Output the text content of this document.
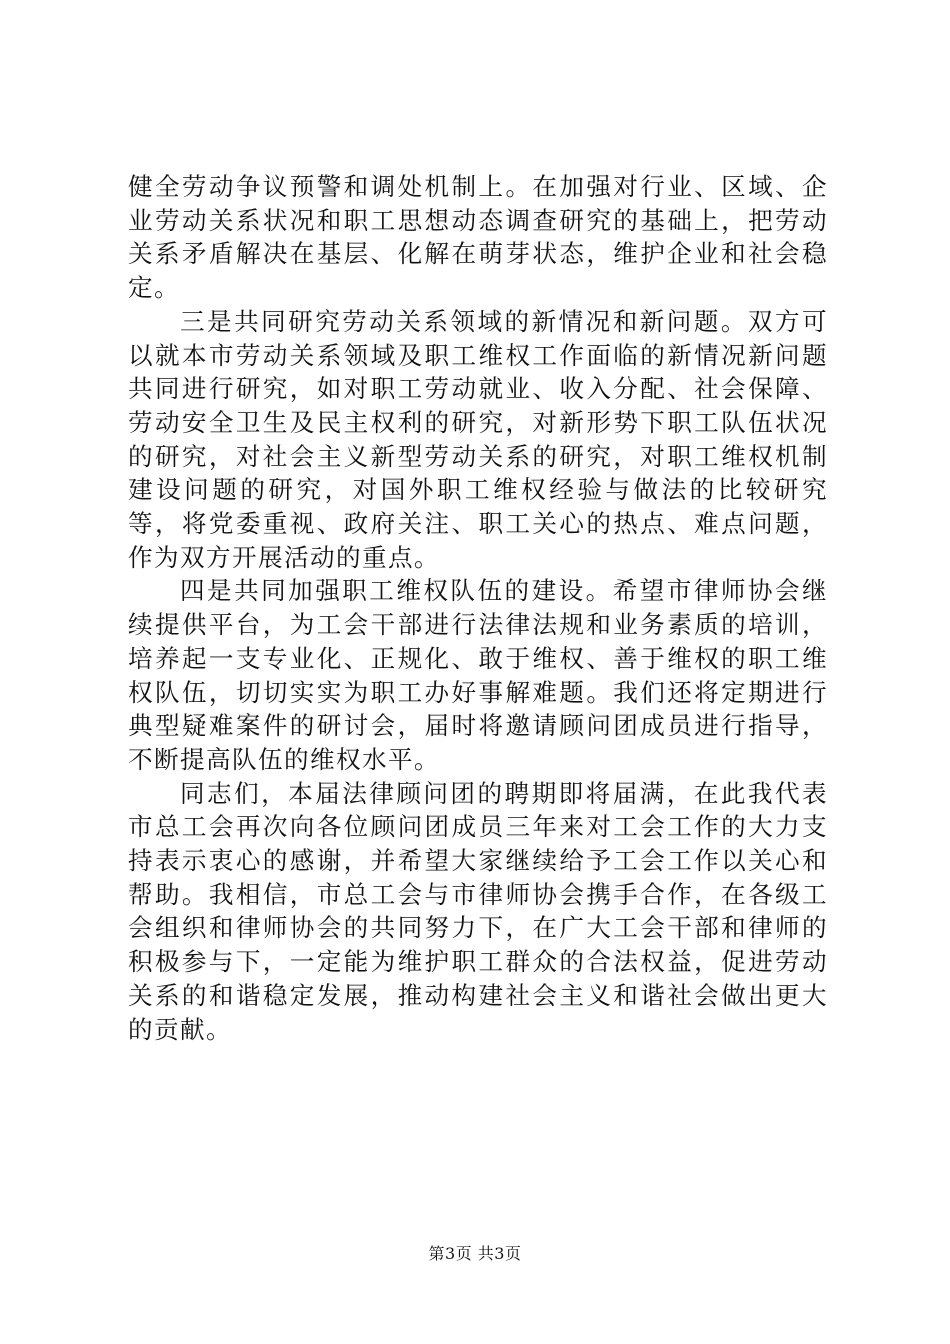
健全劳动争议预警和调处机制上。在加强对行业、区域、企业劳动关系状况和职工思想动态调查研究的基础上，把劳动关系矛盾解决在基层、化解在萌芽状态，维护企业和社会稳定。

三是共同研究劳动关系领域的新情况和新问题。双方可以就本市劳动关系领域及职工维权工作面临的新情况新问题共同进行研究，如对职工劳动就业、收入分配、社会保障、劳动安全卫生及民主权利的研究，对新形势下职工队伍状况的研究，对社会主义新型劳动关系的研究，对职工维权机制建设问题的研究，对国外职工维权经验与做法的比较研究等，将党委重视、政府关注、职工关心的热点、难点问题，作为双方开展活动的重点。

四是共同加强职工维权队伍的建设。希望市律师协会继续提供平台，为工会干部进行法律法规和业务素质的培训，培养起一支专业化、正规化、敢于维权、善于维权的职工维权队伍，切切实实为职工办好事解难题。我们还将定期进行典型疑难案件的研讨会，届时将邀请顾问团成员进行指导，不断提高队伍的维权水平。

同志们，本届法律顾问团的聘期即将届满，在此我代表市总工会再次向各位顾问团成员三年来对工会工作的大力支持表示衷心的感谢，并希望大家继续给予工会工作以关心和帮助。我相信，市总工会与市律师协会携手合作，在各级工会组织和律师协会的共同努力下，在广大工会干部和律师的积极参与下，一定能为维护职工群众的合法权益，促进劳动关系的和谐稳定发展，推动构建社会主义和谐社会做出更大的贡献。

第3页 共3页
